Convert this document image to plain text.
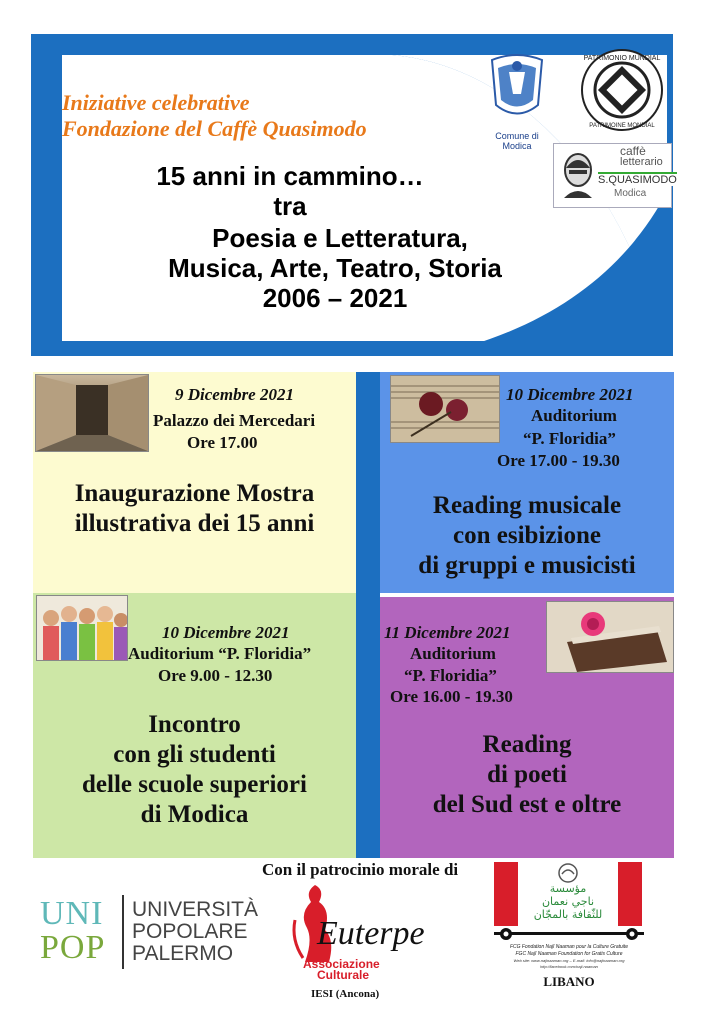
Iniziative celebrative
Fondazione del Caffè Quasimodo
15 anni in cammino…
tra
Poesia e Letteratura,
Musica, Arte, Teatro, Storia
2006 – 2021
Comune di Modica
PATRIMONIO MUNDIAL
PATRIMOINE MONDIAL
caffè
letterario
S.QUASIMODO
Modica
9 Dicembre 2021
Palazzo dei Mercedari
Ore 17.00
Inaugurazione Mostra
illustrativa dei 15 anni
10 Dicembre 2021
Auditorium
“P. Floridia”
Ore 17.00 - 19.30
Reading musicale
con esibizione
di gruppi e musicisti
10 Dicembre 2021
Auditorium “P. Floridia”
Ore 9.00 - 12.30
Incontro
con gli studenti
delle scuole superiori
di Modica
11 Dicembre 2021
Auditorium
“P. Floridia”
Ore 16.00 - 19.30
Reading
di poeti
del Sud est e oltre
Con il patrocinio morale di
UNI
POP
UNIVERSITÀ
POPOLARE
PALERMO
Euterpe
Associazione
Culturale
IESI (Ancona)
مؤسسة
ناجي نعمان
للثّقافة بالمجّان
FCG Fondation Najî Naaman pour la Culture Gratuite
FGC Najî Naaman Foundation for Gratis Culture
Web site: www.najinaaman.org – E-mail: info@najinaaman.org
http://facebook.com/naji.naaman
LIBANO
